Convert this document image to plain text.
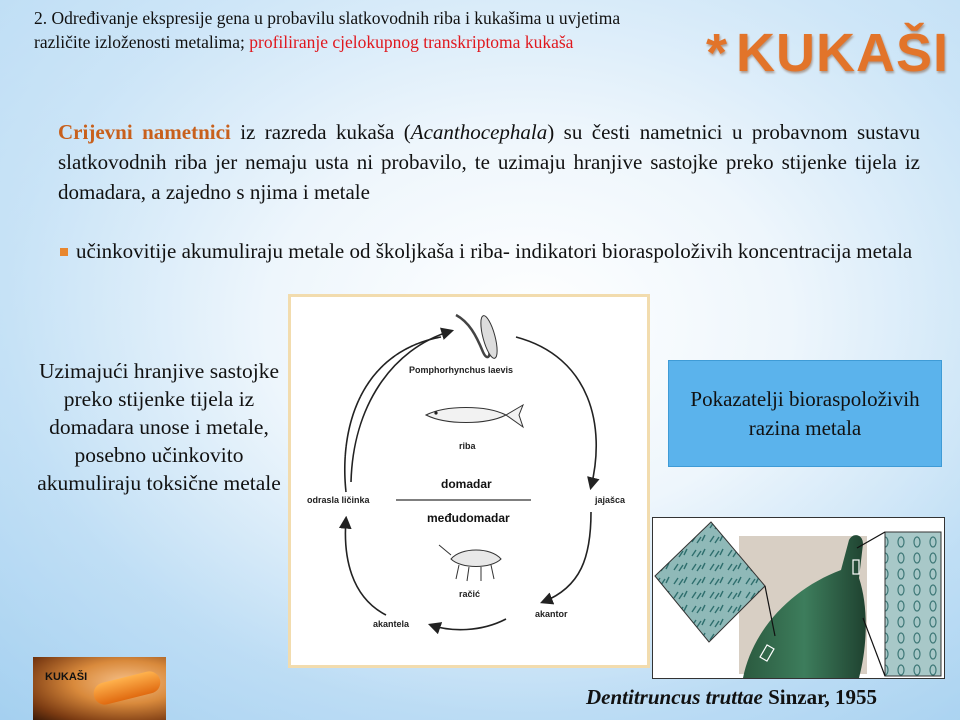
2. Određivanje ekspresije gena u probavilu slatkovodnih riba i kukašima u uvjetima različite izloženosti metalima; profiliranje cjelokupnog transkriptoma kukaša	* KUKAŠI
Crijevni nametnici iz razreda kukaša (Acanthocephala) su česti nametnici u probavnom sustavu slatkovodnih riba jer nemaju usta ni probavilo, te uzimaju hranjive sastojke preko stijenke tijela iz domadara, a zajedno s njima i metale
učinkovitije akumuliraju metale od školjkaša i riba- indikatori bioraspoloživih koncentracija metala
Uzimajući hranjive sastojke preko stijenke tijela iz domadara unose i metale, posebno učinkovito akumuliraju toksične metale
Pomphorhynchus laevis
riba
domadar
međudomadar
odrasla ličinka	jajašca
račić
akantor
akantela
Pokazatelji bioraspoloživih razina metala
Dentitruncus truttae Sinzar, 1955
KUKAŠI
